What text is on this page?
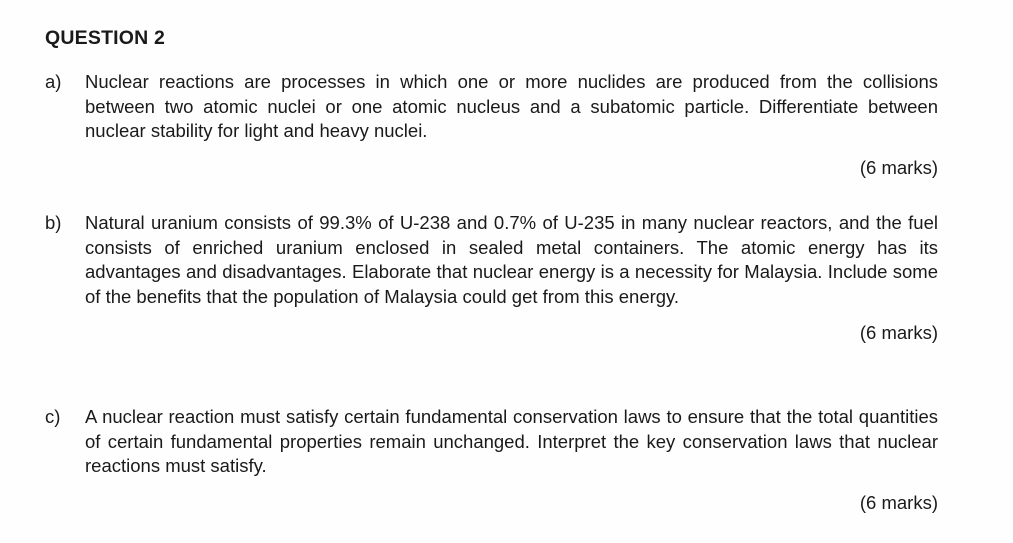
QUESTION 2
a) Nuclear reactions are processes in which one or more nuclides are produced from the collisions between two atomic nuclei or one atomic nucleus and a subatomic particle. Differentiate between nuclear stability for light and heavy nuclei.
(6 marks)
b) Natural uranium consists of 99.3% of U-238 and 0.7% of U-235 in many nuclear reactors, and the fuel consists of enriched uranium enclosed in sealed metal containers. The atomic energy has its advantages and disadvantages. Elaborate that nuclear energy is a necessity for Malaysia. Include some of the benefits that the population of Malaysia could get from this energy.
(6 marks)
c) A nuclear reaction must satisfy certain fundamental conservation laws to ensure that the total quantities of certain fundamental properties remain unchanged. Interpret the key conservation laws that nuclear reactions must satisfy.
(6 marks)
